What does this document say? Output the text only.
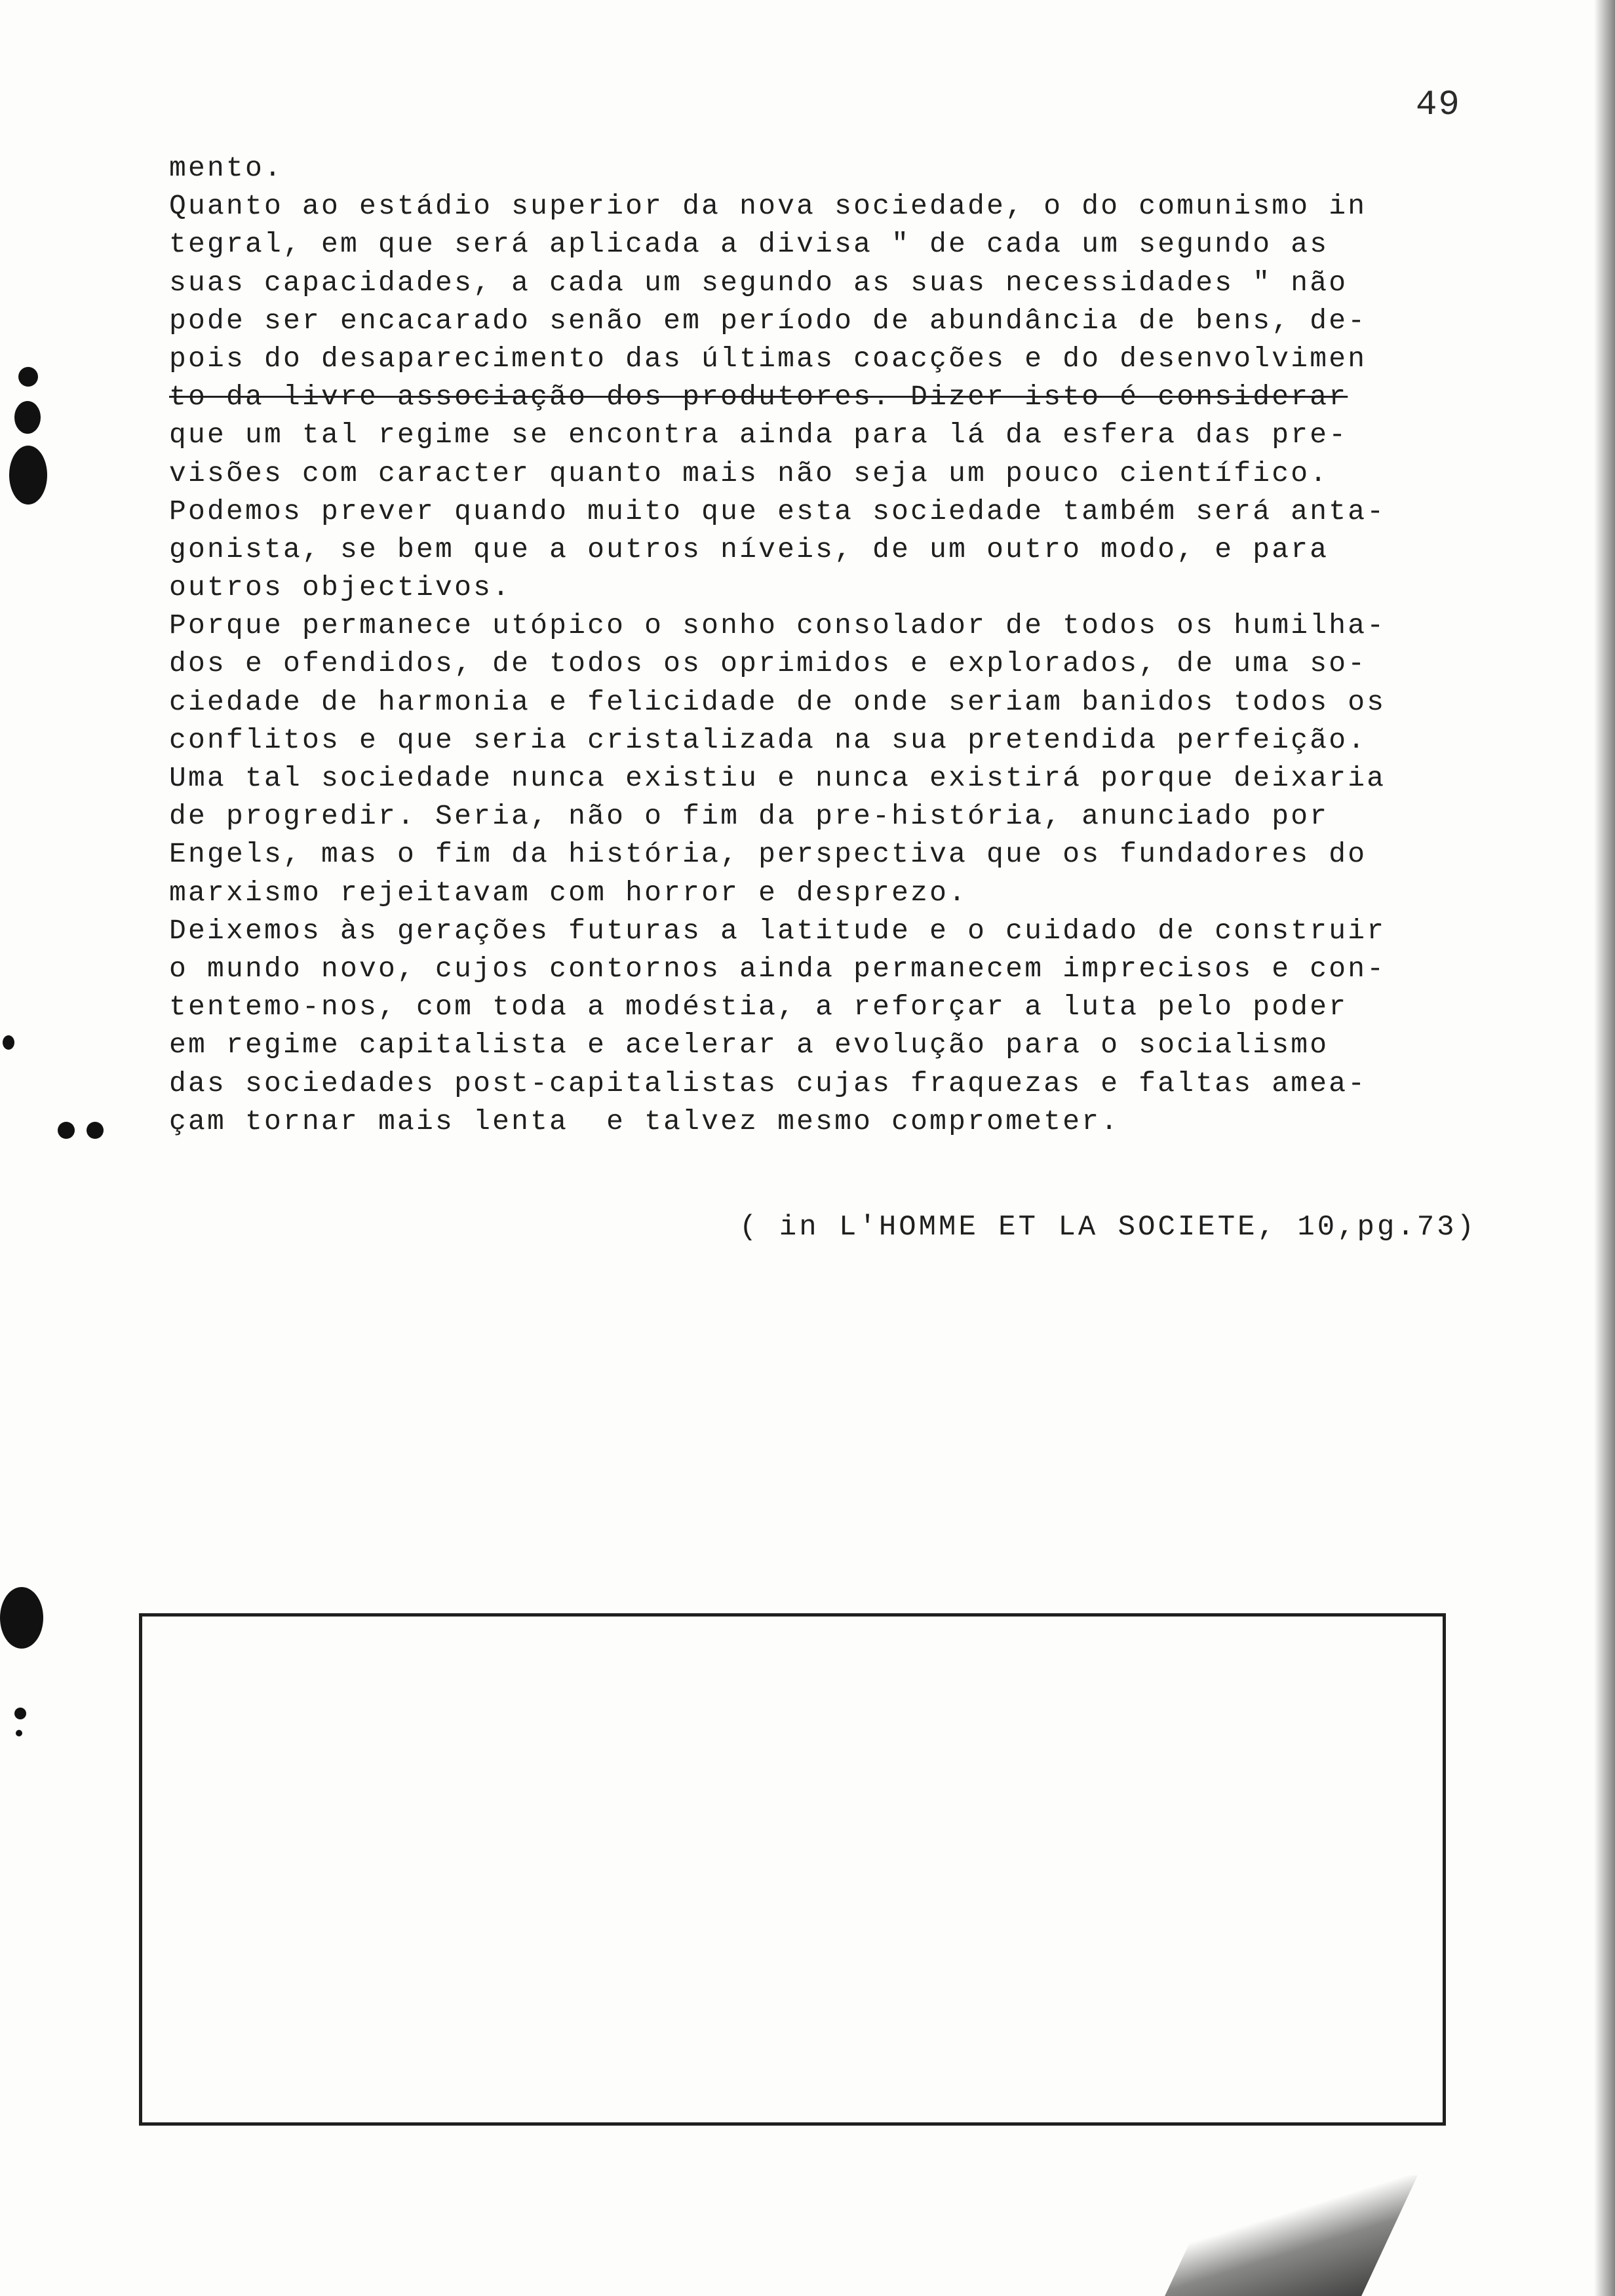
49
mento.
Quanto ao estádio superior da nova sociedade, o do comunismo in
tegral, em que será aplicada a divisa " de cada um segundo as
suas capacidades, a cada um segundo as suas necessidades " não
pode ser encacarado senão em período de abundância de bens, de-
pois do desaparecimento das últimas coacções e do desenvolvimen
to da livre associação dos produtores. Dizer isto é considerar
que um tal regime se encontra ainda para lá da esfera das pre-
visões com caracter quanto mais não seja um pouco científico.
Podemos prever quando muito que esta sociedade também será anta-
gonista, se bem que a outros níveis, de um outro modo, e para
outros objectivos.
Porque permanece utópico o sonho consolador de todos os humilha-
dos e ofendidos, de todos os oprimidos e explorados, de uma so-
ciedade de harmonia e felicidade de onde seriam banidos todos os
conflitos e que seria cristalizada na sua pretendida perfeição.
Uma tal sociedade nunca existiu e nunca existirá porque deixaria
de progredir. Seria, não o fim da pre-história, anunciado por
Engels, mas o fim da história, perspectiva que os fundadores do
marxismo rejeitavam com horror e desprezo.
Deixemos às gerações futuras a latitude e o cuidado de construir
o mundo novo, cujos contornos ainda permanecem imprecisos e con-
tentemo-nos, com toda a modéstia, a reforçar a luta pelo poder
em regime capitalista e acelerar a evolução para o socialismo
das sociedades post-capitalistas cujas fraquezas e faltas amea-
çam tornar mais lenta  e talvez mesmo comprometer.
( in L'HOMME ET LA SOCIETE, 10,pg.73)
